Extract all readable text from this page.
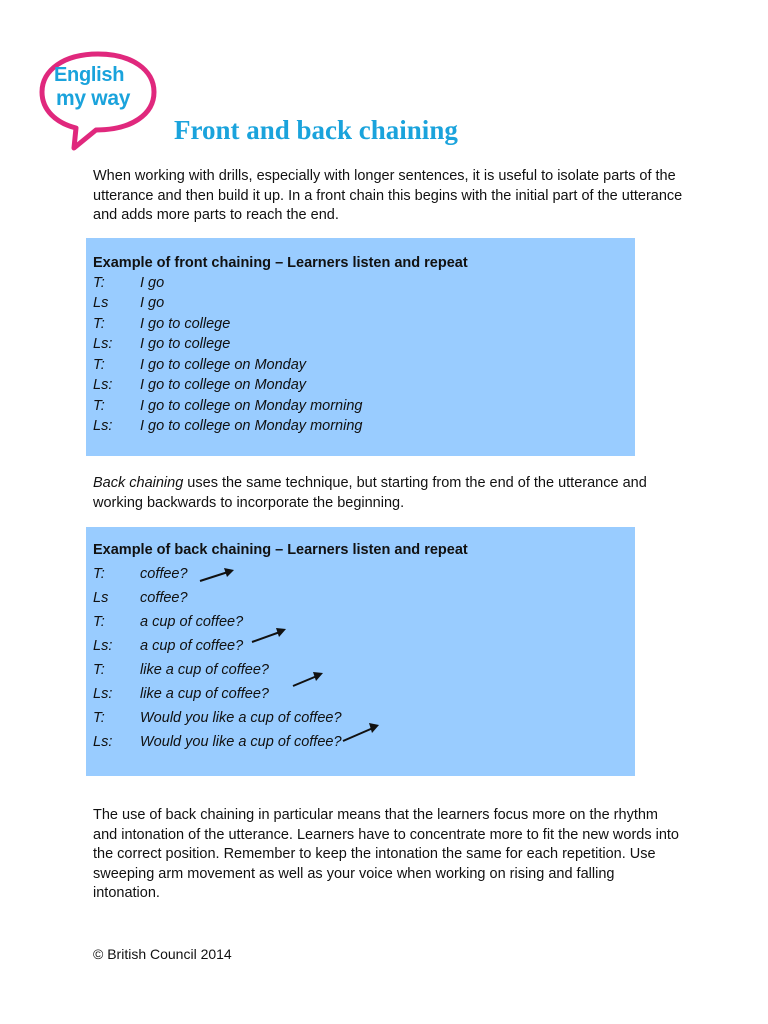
English
my way
Front and back chaining

When working with drills, especially with longer sentences, it is useful to isolate parts of the utterance and then build it up. In a front chain this begins with the initial part of the utterance and adds more parts to reach the end.

Example of front chaining – Learners listen and repeat
T: I go
Ls I go
T: I go to college
Ls: I go to college
T: I go to college on Monday
Ls: I go to college on Monday
T: I go to college on Monday morning
Ls: I go to college on Monday morning

Back chaining uses the same technique, but starting from the end of the utterance and working backwards to incorporate the beginning.

Example of back chaining – Learners listen and repeat
T: coffee?
Ls coffee?
T: a cup of coffee?
Ls: a cup of coffee?
T: like a cup of coffee?
Ls: like a cup of coffee?
T: Would you like a cup of coffee?
Ls: Would you like a cup of coffee?

The use of back chaining in particular means that the learners focus more on the rhythm and intonation of the utterance. Learners have to concentrate more to fit the new words into the correct position. Remember to keep the intonation the same for each repetition. Use sweeping arm movement as well as your voice when working on rising and falling intonation.

© British Council 2014
